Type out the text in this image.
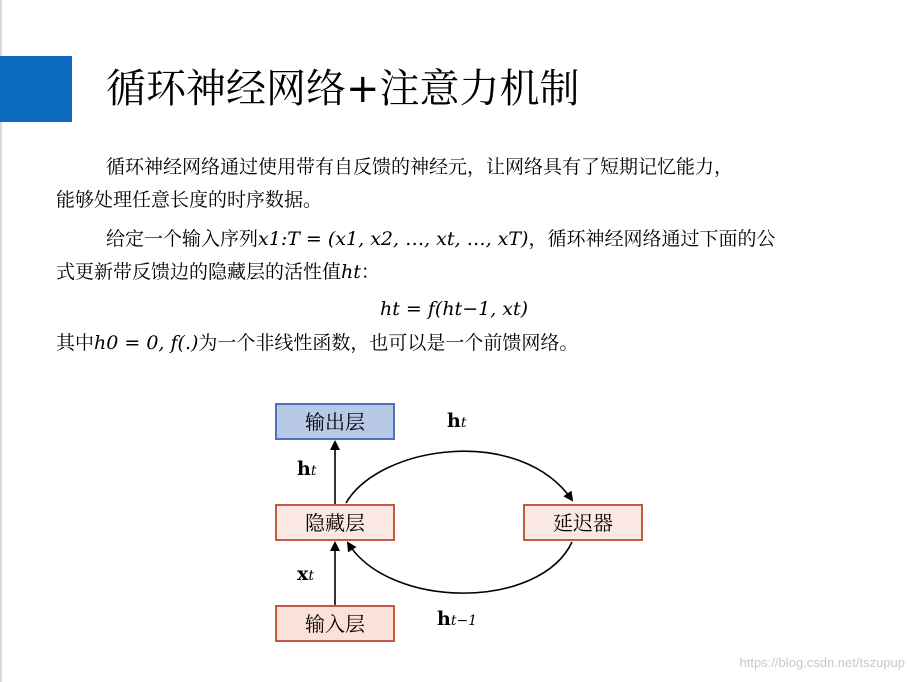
循环神经网络+注意力机制
循环神经网络通过使用带有自反馈的神经元，让网络具有了短期记忆能力，
能够处理任意长度的时序数据。
给定一个输入序列x1:T = (x1, x2, …, xt, …, xT)，循环神经网络通过下面的公
式更新带反馈边的隐藏层的活性值ht：
ht = f(ht−1, xt)
其中h0 = 0, f(.)为一个非线性函数，也可以是一个前馈网络。
输出层
隐藏层
输入层
延迟器
ht
ht
xt
ht−1
https://blog.csdn.net/tszupup
